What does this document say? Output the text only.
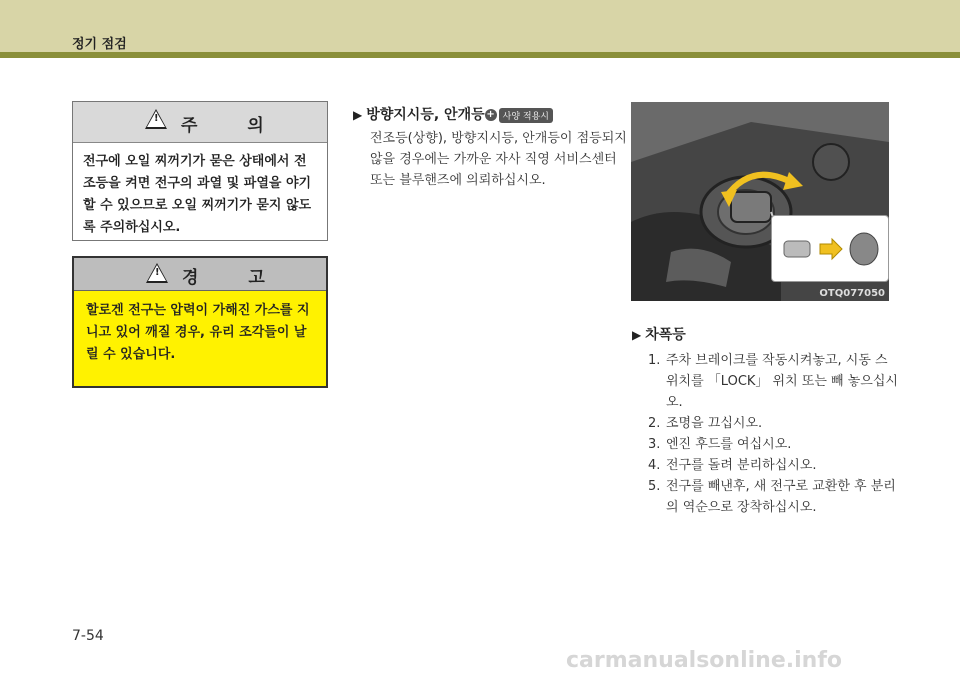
정기 점검
! 주 의
전구에 오일 찌꺼기가 묻은 상태에서 전조등을 켜면 전구의 과열 및 파열을 야기할 수 있으므로 오일 찌꺼기가 묻지 않도록 주의하십시오.
! 경 고
할로겐 전구는 압력이 가해진 가스를 지니고 있어 깨질 경우, 유리 조각들이 날릴 수 있습니다.
▶ 방향지시등, 안개등 + 사양 적용시
전조등(상향), 방향지시등, 안개등이 점등되지 않을 경우에는 가까운 자사 직영 서비스센터 또는 블루핸즈에 의뢰하십시오.
OTQ077050
▶ 차폭등
1. 주차 브레이크를 작동시켜놓고, 시동 스위치를 「LOCK」 위치 또는 빼 놓으십시오.
2. 조명을 끄십시오.
3. 엔진 후드를 여십시오.
4. 전구를 돌려 분리하십시오.
5. 전구를 빼낸후, 새 전구로 교환한 후 분리의 역순으로 장착하십시오.
7-54
carmanualsonline.info
